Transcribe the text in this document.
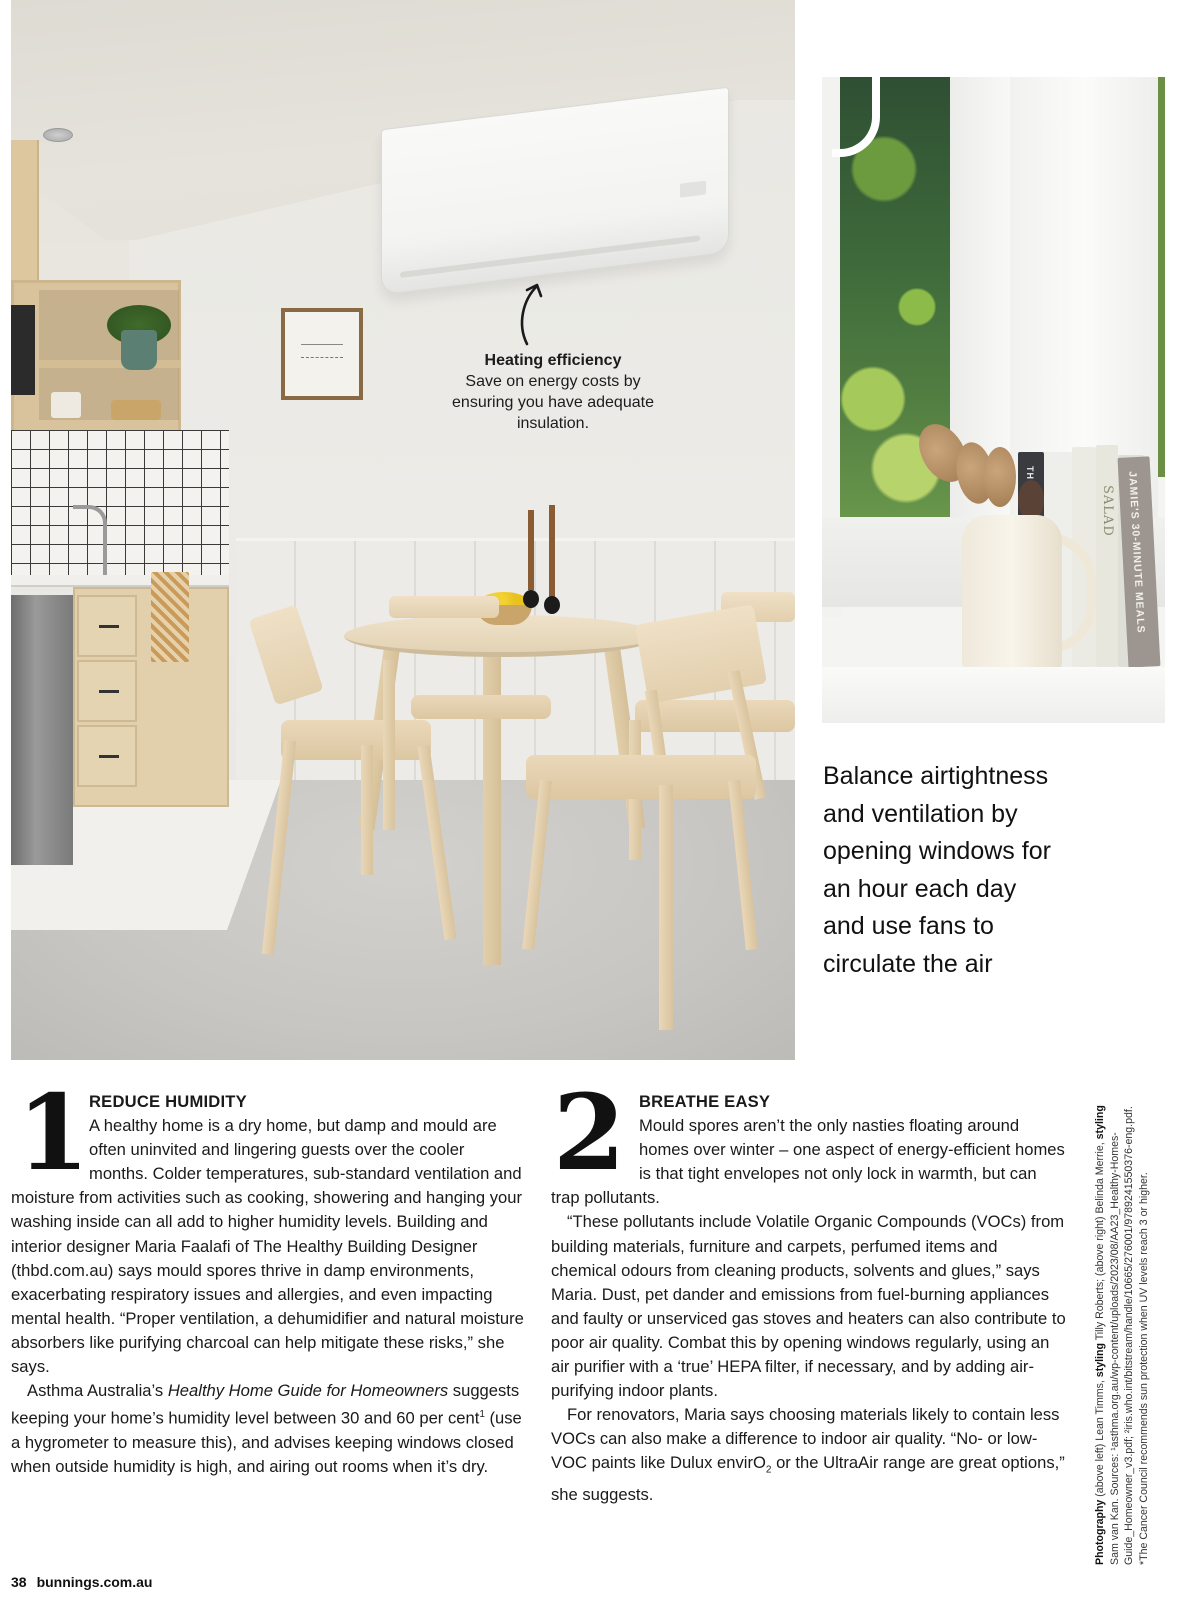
Heating efficiency
Save on energy costs by ensuring you have adequate insulation.
TH
SALAD JAMIE'S 30-MINUTE MEALS
Balance airtightness and ventilation by opening windows for an hour each day and use fans to circulate the air
1 REDUCE HUMIDITY
A healthy home is a dry home, but damp and mould are often uninvited and lingering guests over the cooler months. Colder temperatures, sub-standard ventilation and moisture from activities such as cooking, showering and hanging your washing inside can all add to higher humidity levels. Building and interior designer Maria Faalafi of The Healthy Building Designer (thbd.com.au) says mould spores thrive in damp environments, exacerbating respiratory issues and allergies, and even impacting mental health. “Proper ventilation, a dehumidifier and natural moisture absorbers like purifying charcoal can help mitigate these risks,” she says.
Asthma Australia’s Healthy Home Guide for Homeowners suggests keeping your home’s humidity level between 30 and 60 per cent$^1$ (use a hygrometer to measure this), and advises keeping windows closed when outside humidity is high, and airing out rooms when it’s dry.
2 BREATHE EASY
Mould spores aren’t the only nasties floating around homes over winter – one aspect of energy-efficient homes is that tight envelopes not only lock in warmth, but can trap pollutants.
“These pollutants include Volatile Organic Compounds (VOCs) from building materials, furniture and carpets, perfumed items and chemical odours from cleaning products, solvents and glues,” says Maria. Dust, pet dander and emissions from fuel-burning appliances and faulty or unserviced gas stoves and heaters can also contribute to poor air quality. Combat this by opening windows regularly, using an air purifier with a ‘true’ HEPA filter, if necessary, and by adding air-purifying indoor plants.
For renovators, Maria says choosing materials likely to contain less VOCs can also make a difference to indoor air quality. “No- or low-VOC paints like Dulux envirO$_2$ or the UltraAir range are great options,” she suggests.
Photography (above left) Lean Timms, styling Tilly Roberts; (above right) Belinda Merrie, styling Sam van Kan. Sources: ¹asthma.org.au/wp-content/uploads/2023/08/AA23_Healthy-Homes-Guide_Homeowner_v3.pdf; ²iris.who.int/bitstream/handle/10665/276001/9789241550376-eng.pdf. *The Cancer Council recommends sun protection when UV levels reach 3 or higher.
38 bunnings.com.au
